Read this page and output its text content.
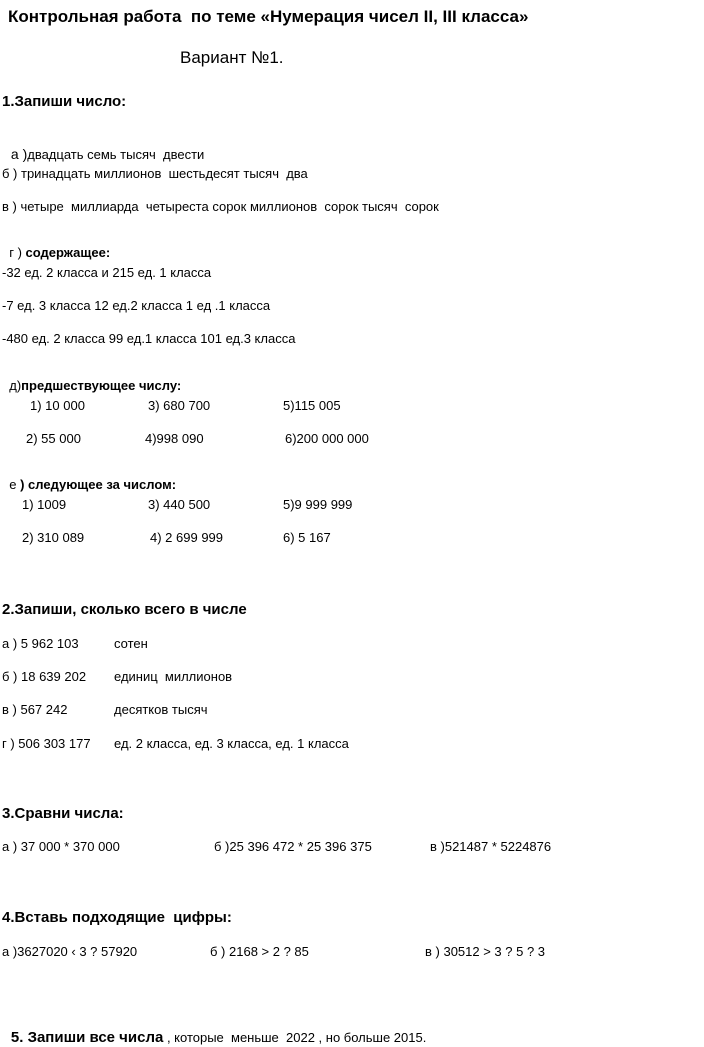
Контрольная работа  по теме «Нумерация чисел II, III класса»
Вариант №1.
1.Запиши число:

а )двадцать семь тысяч  двести

б ) тринадцать миллионов  шестьдесят тысяч  два
в ) четыре  миллиарда  четыреста сорок миллионов  сорок тысяч  сорок

г ) содержащее:

-32 ед. 2 класса и 215 ед. 1 класса
-7 ед. 3 класса 12 ед.2 класса 1 ед .1 класса
-480 ед. 2 класса 99 ед.1 класса 101 ед.3 класса

д)предшествующее числу:

1) 10 000	3) 680 700	5)115 005
2) 55 000	4)998 090	6)200 000 000

е ) следующее за числом:

1) 1009	3) 440 500	5)9 999 999
2) 310 089	4) 2 699 999	6) 5 167
2.Запиши, сколько всего в числе
а ) 5 962 103	сотен
б ) 18 639 202 единиц  миллионов
в ) 567 242	десятков тысяч
г ) 506 303 177 ед. 2 класса, ед. 3 класса, ед. 1 класса
3.Сравни числа:
а ) 37 000 * 370 000	б )25 396 472 * 25 396 375	в )521487 * 5224876
4.Вставь подходящие  цифры:
а )3627020 ‹ 3 ? 57920	б ) 2168 > 2 ? 85	в ) 30512 > 3 ? 5 ? 3

5. Запиши все числа , которые  меньше  2022 , но больше 2015.
